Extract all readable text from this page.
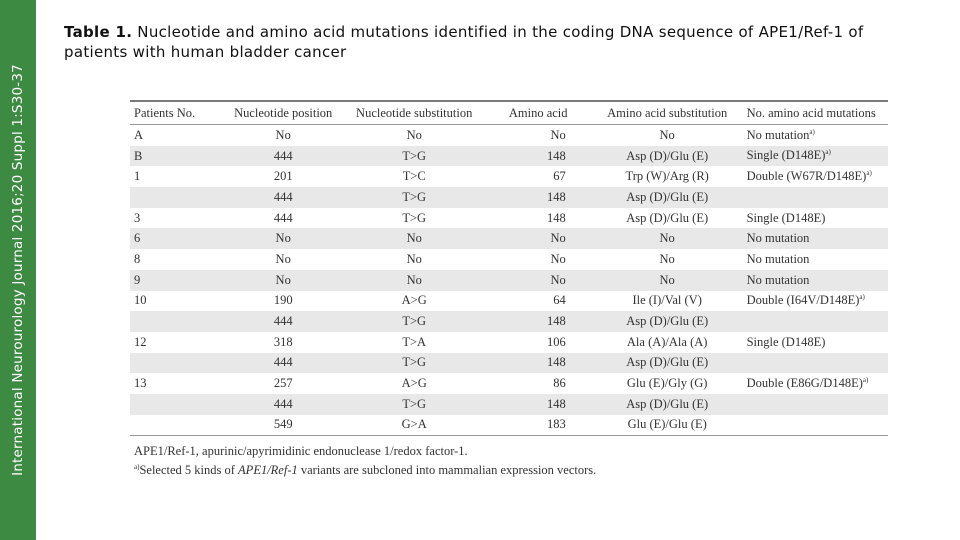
International Neurourology Journal 2016;20 Suppl 1:S30-37
Table 1. Nucleotide and amino acid mutations identified in the coding DNA sequence of APE1/Ref-1 of patients with human bladder cancer
Patients No.	Nucleotide position	Nucleotide substitution	Amino acid	Amino acid substitution	No. amino acid mutations
A	No	No	No	No	No mutation$^{a)}$
B	444	T>G	148	Asp (D)/Glu (E)	Single $(D148E)^{a)}$
1	201	T>C	67	Trp (W)/Arg (R)	Double $(W67R/D148E)^{a)}$
	444	T>G	148	Asp (D)/Glu (E)	
3	444	T>G	148	Asp (D)/Glu (E)	Single (D148E)
6	No	No	No	No	No mutation
8	No	No	No	No	No mutation
9	No	No	No	No	No mutation
10	190	A>G	64	Ile (I)/Val (V)	Double $(I64V/D148E)^{a)}$
	444	T>G	148	Asp (D)/Glu (E)	
12	318	T>A	106	Ala (A)/Ala (A)	Single (D148E)
	444	T>G	148	Asp (D)/Glu (E)	
13	257	A>G	86	Glu (E)/Gly (G)	Double $(E86G/D148E)^{a)}$
	444	T>G	148	Asp (D)/Glu (E)	
	549	G>A	183	Glu (E)/Glu (E)	
APE1/Ref-1, apurinic/apyrimidinic endonuclease 1/redox factor-1.
$^{a)}$Selected 5 kinds of APE1/Ref-1 variants are subcloned into mammalian expression vectors.
